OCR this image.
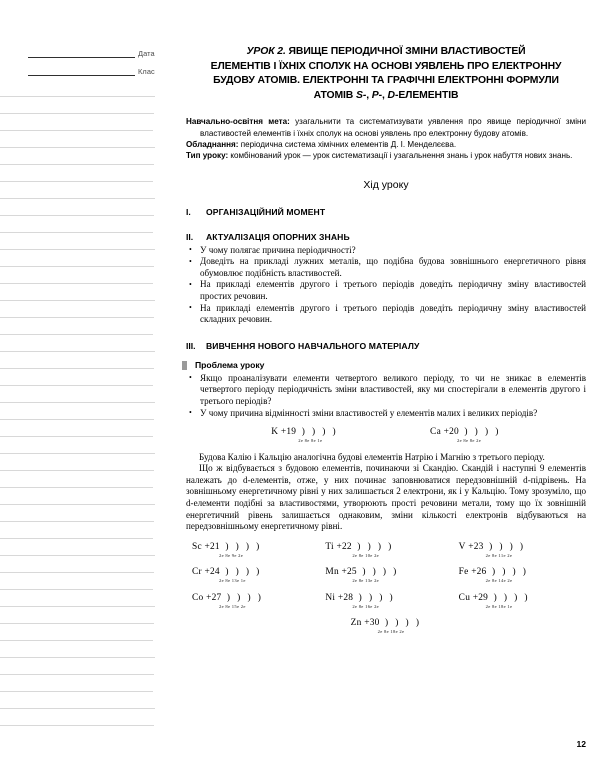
Дата
Клас
УРОК 2. ЯВИЩЕ ПЕРІОДИЧНОЇ ЗМІНИ ВЛАСТИВОСТЕЙ
ЕЛЕМЕНТІВ І ЇХНІХ СПОЛУК НА ОСНОВІ УЯВЛЕНЬ ПРО ЕЛЕКТРОННУ
БУДОВУ АТОМІВ. ЕЛЕКТРОННІ ТА ГРАФІЧНІ ЕЛЕКТРОННІ ФОРМУЛИ
АТОМІВ S-, P-, D-ЕЛЕМЕНТІВ

Навчально-освітня мета: узагальнити та систематизувати уявлення про явище періодичної зміни властивостей елементів і їхніх сполук на основі уявлень про електронну будову атомів.

Обладнання: періодична система хімічних елементів Д. І. Менделєєва.

Тип уроку: комбінований урок — урок систематизації і узагальнення знань і урок набуття нових знань.

Хід уроку
I.	ОРГАНІЗАЦІЙНИЙ МОМЕНТ
II.	АКТУАЛІЗАЦІЯ ОПОРНИХ ЗНАНЬ
• У чому полягає причина періодичності?
• Доведіть на прикладі лужних металів, що подібна будова зовнішнього енергетичного рівня обумовлює подібність властивостей.
• На прикладі елементів другого і третього періодів доведіть періодичну зміну властивостей простих речовин.
• На прикладі елементів другого і третього періодів доведіть періодичну зміну властивостей складних речовин.
III.	ВИВЧЕННЯ НОВОГО НАВЧАЛЬНОГО МАТЕРІАЛУ
Проблема уроку
• Якщо проаналізувати елементи четвертого великого періоду, то чи не зникає в елементів четвертого періоду періодичність зміни властивостей, яку ми спостерігали в елементів другого і третього періодів?
• У чому причина відмінності зміни властивостей у елементів малих і великих періодів?
K +19 ) ) ) )
2е 8е 8е 1е
Ca +20 ) ) ) )
2е 8е 8е 2е

Будова Калію і Кальцію аналогічна будові елементів Натрію і Магнію з третього періоду.

Що ж відбувається з будовою елементів, починаючи зі Скандію. Скандій і наступні 9 елементів належать до d-елементів, отже, у них починає заповнюватися передзовнішній d-підрівень. На зовнішньому енергетичному рівні у них залишається 2 електрони, як і у Кальцію. Тому зрозуміло, що d-елементи подібні за властивостями, утворюють прості речовини метали, тому що їх зовнішній енергетичний рівень залишається однаковим, зміни кількості електронів відбуваються на передзовнішньому енергетичному рівні.

Sc +21 ) ) ) )
2е 8е 9е 2е
Ti +22 ) ) ) )
2е 8е 10е 2е
V +23 ) ) ) )
2е 8е 11е 2е
Cr +24 ) ) ) )
2е 8е 13е 1е
Mn +25 ) ) ) )
2е 8е 13е 2е
Fe +26 ) ) ) )
2е 8е 14е 2е
Co +27 ) ) ) )
2е 8е 15е 2е
Ni +28 ) ) ) )
2е 8е 16е 2е
Cu +29 ) ) ) )
2е 8е 18е 1е
Zn +30 ) ) ) )
2е 8е 18е 2е
12
